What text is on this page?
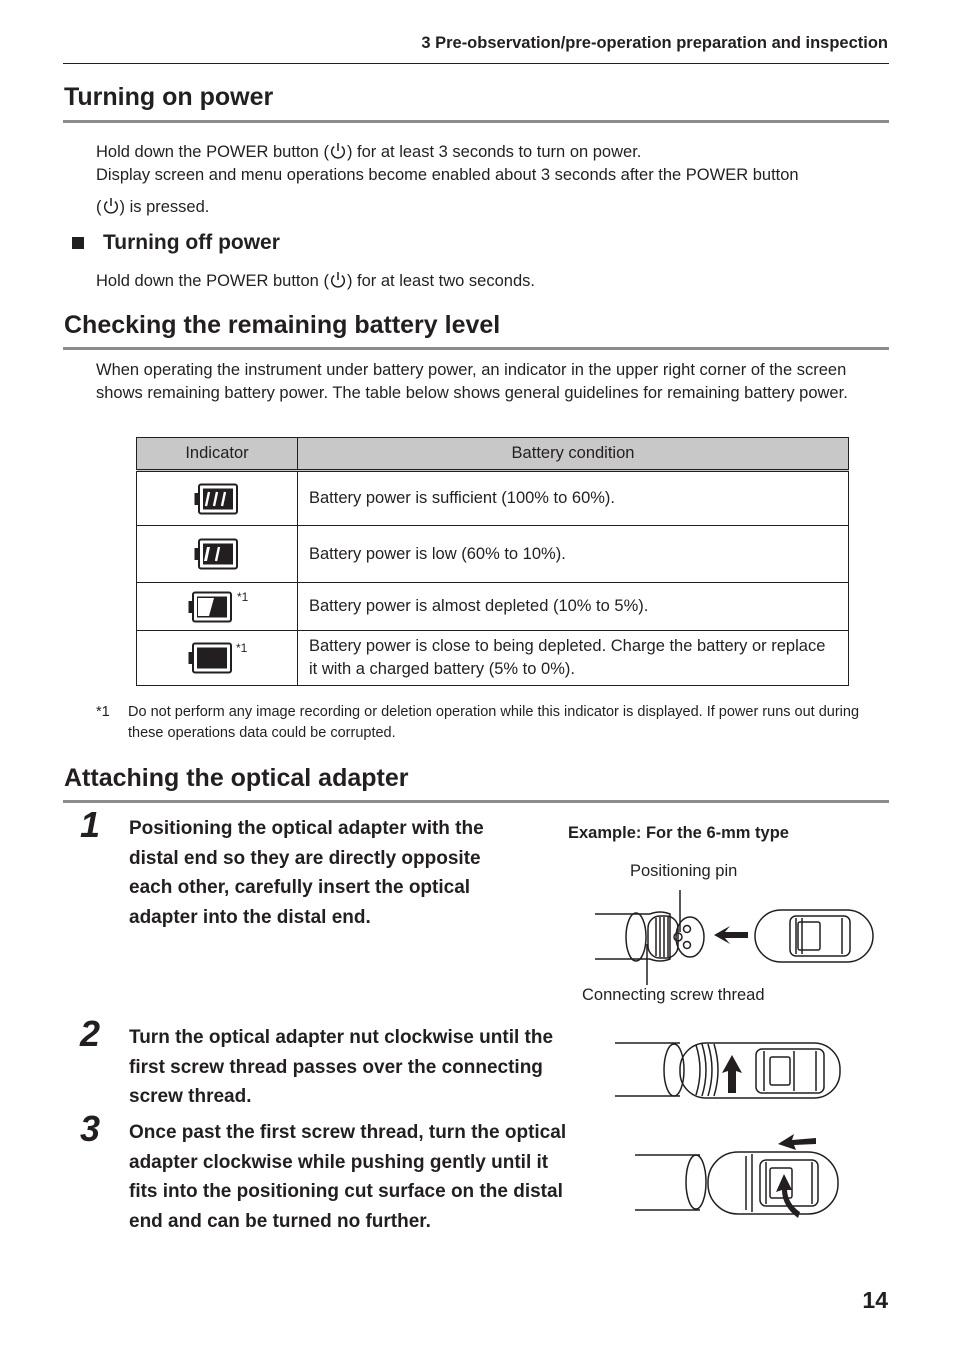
3 Pre-observation/pre-operation preparation and inspection
Turning on power
Hold down the POWER button ( ) for at least 3 seconds to turn on power.
Display screen and menu operations become enabled about 3 seconds after the POWER button
( ) is pressed.
Turning off power
Hold down the POWER button ( ) for at least two seconds.
Checking the remaining battery level
When operating the instrument under battery power, an indicator in the upper right corner of the screen shows remaining battery power. The table below shows general guidelines for remaining battery power.
Indicator	Battery condition
	Battery power is sufficient (100% to 60%).
	Battery power is low (60% to 10%).

*1	Battery power is almost depleted (10% to 5%).

*1	Battery power is close to being depleted. Charge the battery or replace it with a charged battery (5% to 0%).
*1 Do not perform any image recording or deletion operation while this indicator is displayed. If power runs out during these operations data could be corrupted.
Attaching the optical adapter
1 Positioning the optical adapter with the distal end so they are directly opposite each other, carefully insert the optical adapter into the distal end.
2 Turn the optical adapter nut clockwise until the first screw thread passes over the connecting screw thread.
3 Once past the first screw thread, turn the optical adapter clockwise while pushing gently until it fits into the positioning cut surface on the distal end and can be turned no further.
Example: For the 6-mm type
Positioning pin
Connecting screw thread
14
